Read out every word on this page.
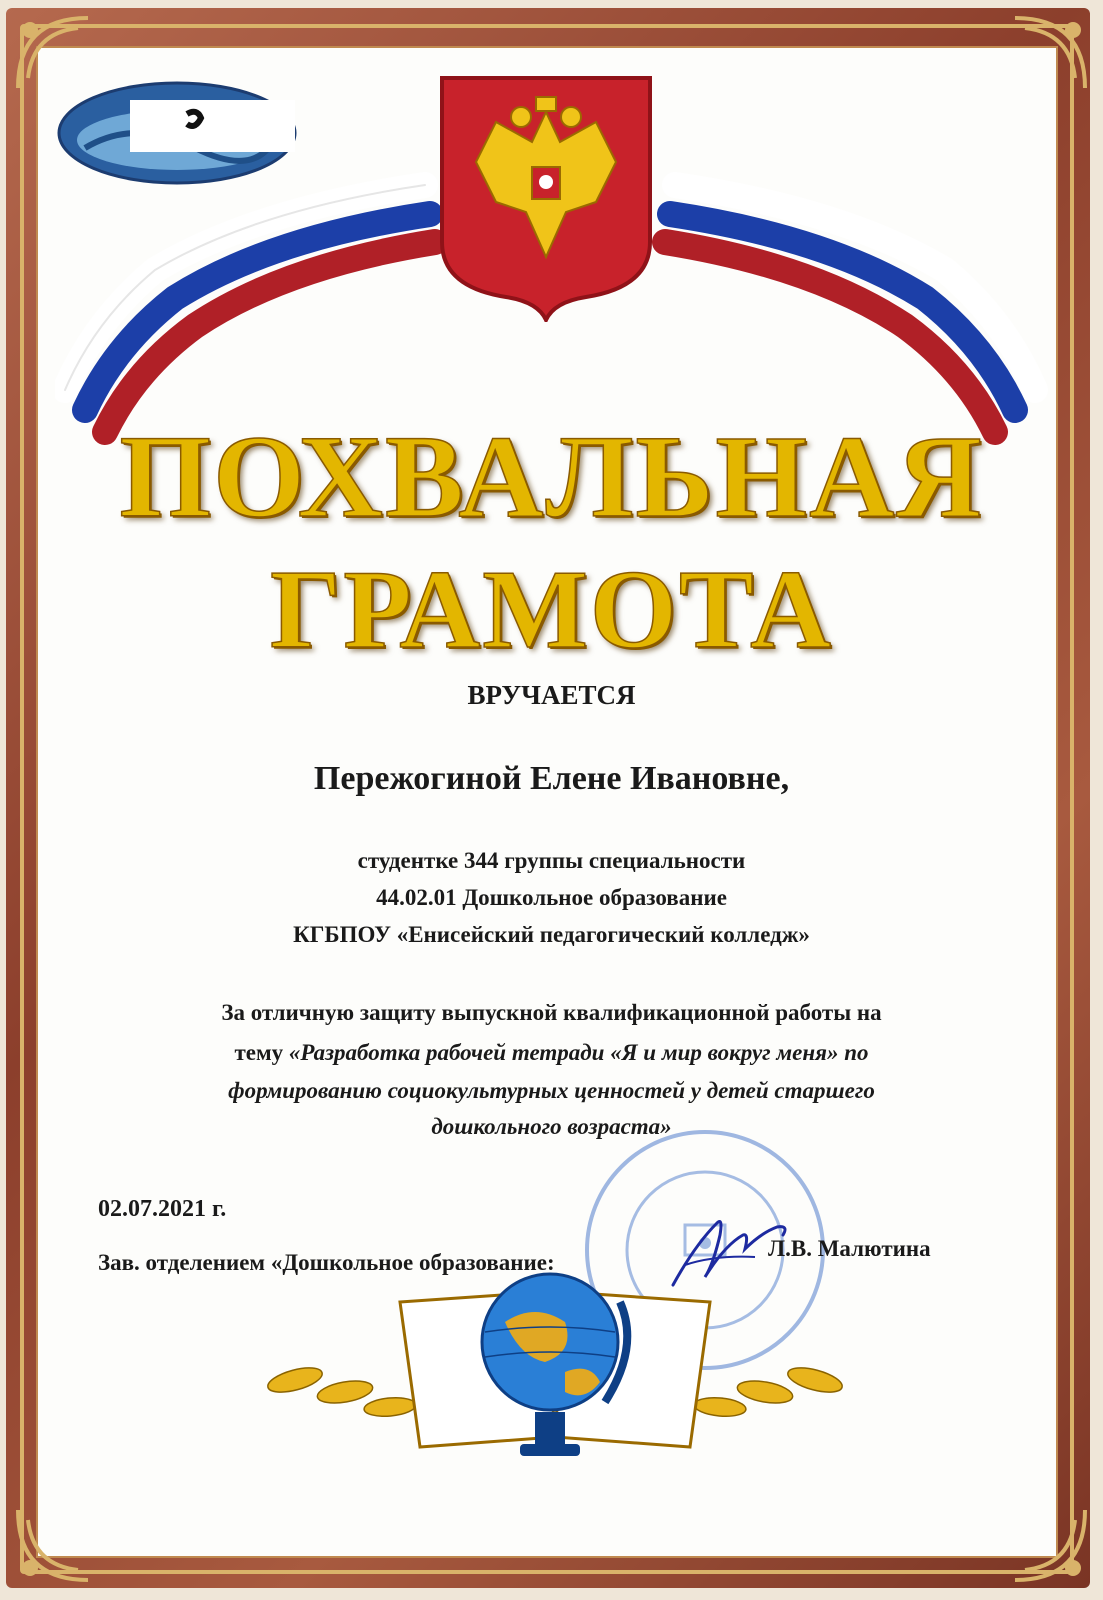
ПОХВАЛЬНАЯ
ГРАМОТА
ВРУЧАЕТСЯ
Пережогиной Елене Ивановне,
студентке 344 группы специальности
44.02.01 Дошкольное образование
КГБПОУ «Енисейский педагогический колледж»
За отличную защиту выпускной квалификационной работы на
тему «Разработка рабочей тетради «Я и мир вокруг меня» по
формированию социокультурных ценностей у детей старшего
дошкольного возраста»
02.07.2021 г.
Зав. отделением «Дошкольное образование:
Л.В. Малютина
